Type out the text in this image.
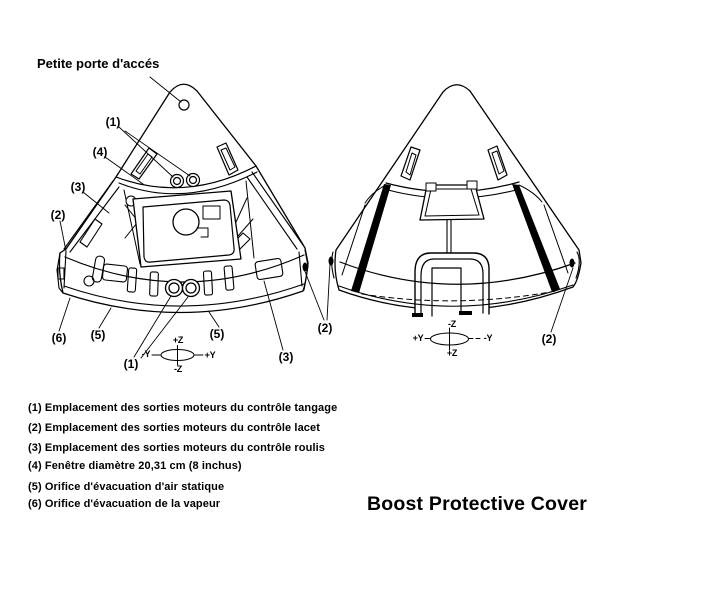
Petite porte d'accés
(1)
(4)
(3)
(2)
(6) (5)
(1)
(5)
(3)
(2)
(2)
+Z
-Y	+Y
-Z
-Z
+Y	-Y
+Z
(1) Emplacement des sorties moteurs du contrôle tangage
(2) Emplacement des sorties moteurs du contrôle lacet
(3) Emplacement des sorties moteurs du contrôle roulis
(4) Fenêtre diamètre 20,31 cm (8 inchus)
(5) Orifice d'évacuation d'air statique
(6) Orifice d'évacuation de la vapeur	Boost Protective Cover
